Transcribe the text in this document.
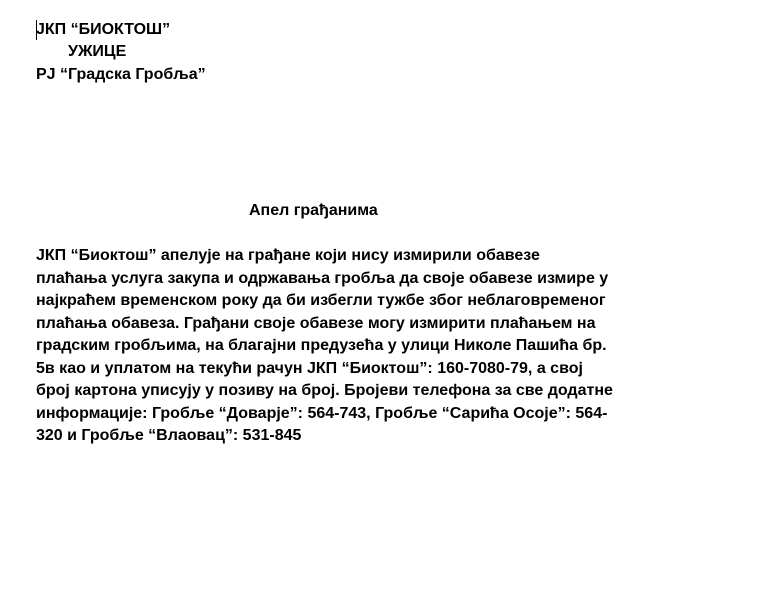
ЈКП “БИОКТОШ”
УЖИЦЕ
РЈ “Градска Гробља”
Апел грађанима
ЈКП “Биоктош” апелује на грађане који нису измирили обавезе
плаћања услуга закупа и одржавања гробља да своје обавезе измире у
најкраћем временском року да би избегли тужбе због неблаговременог
плаћања обавеза. Грађани своје обавезе могу измирити плаћањем на
градским гробљима, на благајни предузећа у улици Николе Пашића бр.
5в као и уплатом на текући рачун ЈКП “Биоктош”: 160-7080-79, а свој
број картона уписују у позиву на број. Бројеви телефона за све додатне
информације: Гробље “Доварје”: 564-743, Гробље “Сарића Осоје”: 564-
320 и Гробље “Влаовац”: 531-845
